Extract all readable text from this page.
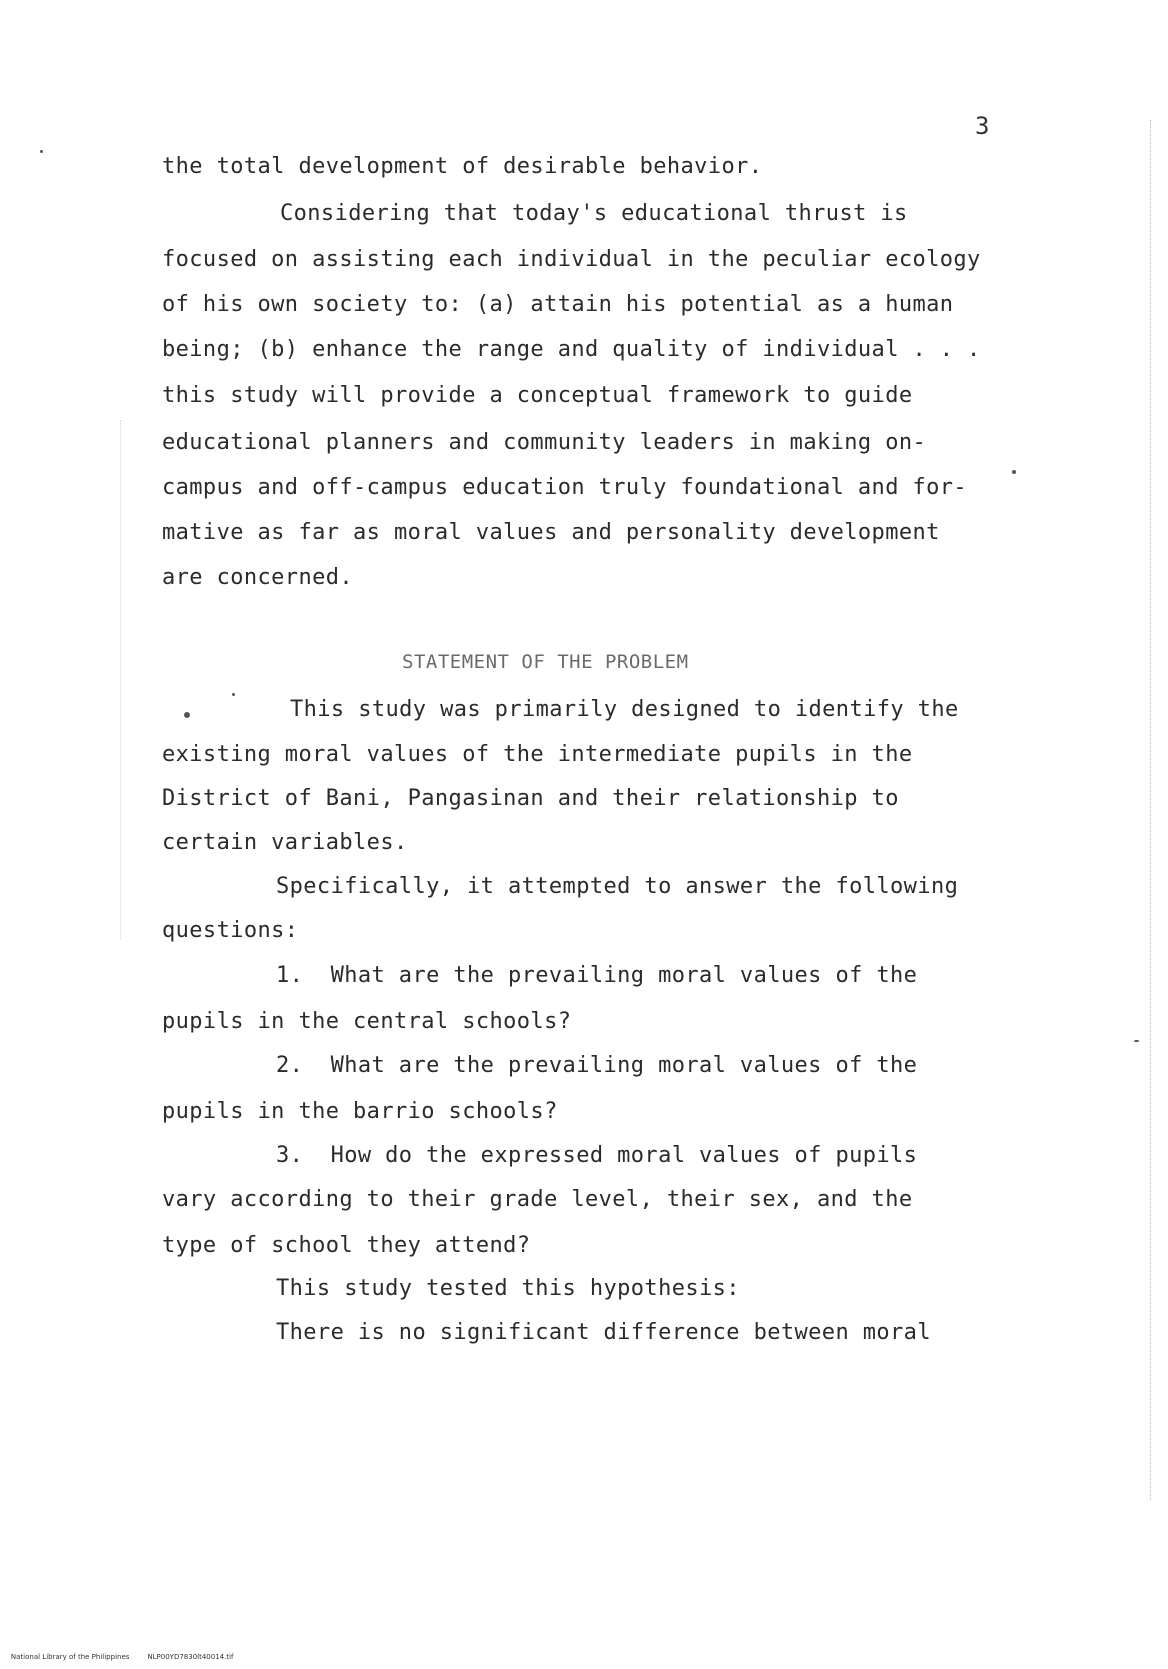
3
the total development of desirable behavior.
Considering that today's educational thrust is
focused on assisting each individual in the peculiar ecology
of his own society to: (a) attain his potential as a human
being; (b) enhance the range and quality of individual . . .
this study will provide a conceptual framework to guide
educational planners and community leaders in making on-
campus and off-campus education truly foundational and for-
mative as far as moral values and personality development
are concerned.
STATEMENT OF THE PROBLEM
This study was primarily designed to identify the
existing moral values of the intermediate pupils in the
District of Bani, Pangasinan and their relationship to
certain variables.
Specifically, it attempted to answer the following
questions:
1.  What are the prevailing moral values of the
pupils in the central schools?
2.  What are the prevailing moral values of the
pupils in the barrio schools?
3.  How do the expressed moral values of pupils
vary according to their grade level, their sex, and the
type of school they attend?
This study tested this hypothesis:
There is no significant difference between moral

National Library of the Philippines	NLP00YD7830lt40014.tif
